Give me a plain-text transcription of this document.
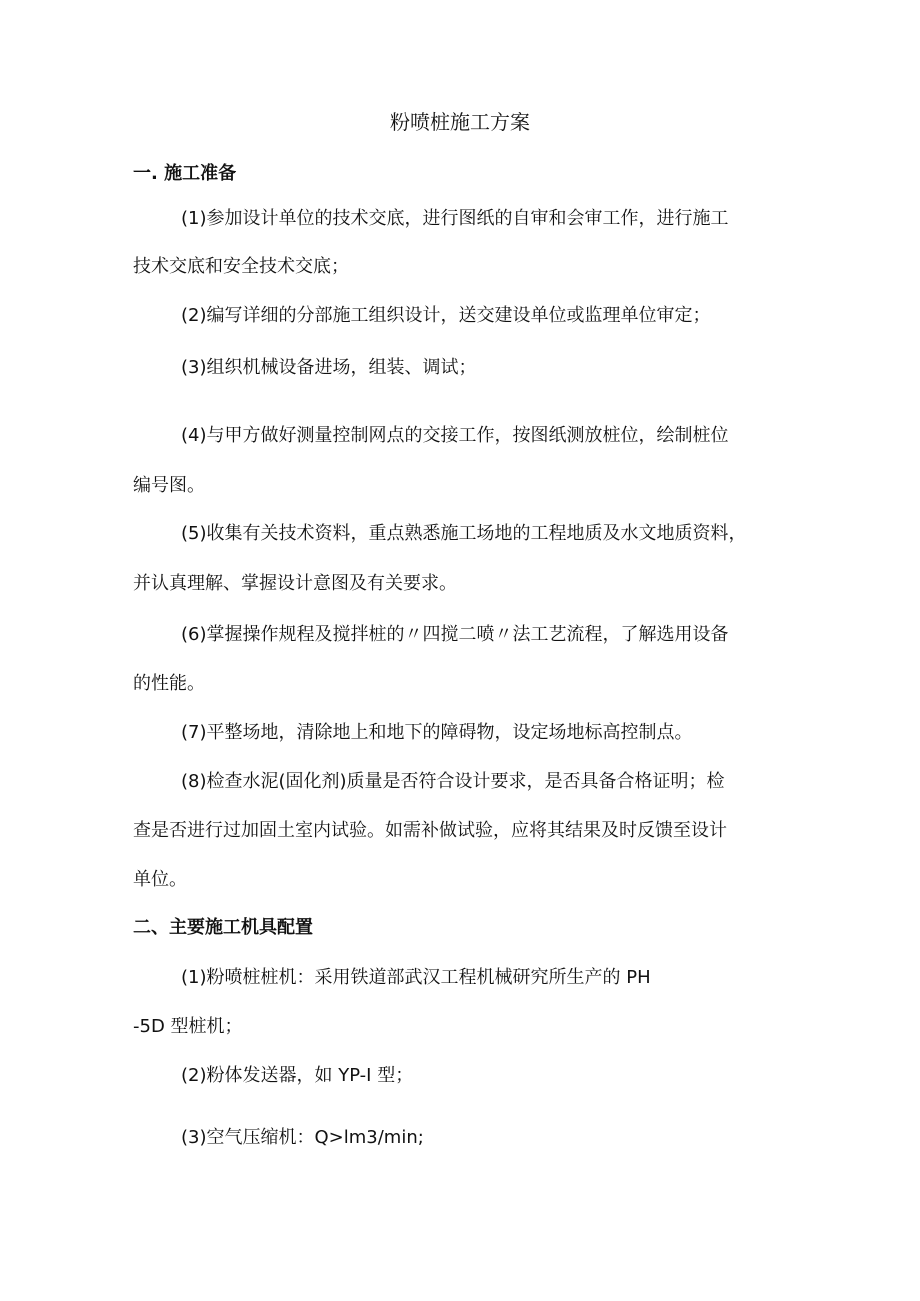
粉喷桩施工方案
一. 施工准备
(1)参加设计单位的技术交底，进行图纸的自审和会审工作，进行施工
技术交底和安全技术交底；
(2)编写详细的分部施工组织设计，送交建设单位或监理单位审定；
(3)组织机械设备进场，组装、调试；
(4)与甲方做好测量控制网点的交接工作，按图纸测放桩位，绘制桩位
编号图。
(5)收集有关技术资料，重点熟悉施工场地的工程地质及水文地质资料，
并认真理解、掌握设计意图及有关要求。
(6)掌握操作规程及搅拌桩的〃四搅二喷〃法工艺流程，了解选用设备
的性能。
(7)平整场地，清除地上和地下的障碍物，设定场地标高控制点。
(8)检查水泥(固化剂)质量是否符合设计要求，是否具备合格证明；检
查是否进行过加固土室内试验。如需补做试验，应将其结果及时反馈至设计
单位。
二、主要施工机具配置
(1)粉喷桩桩机：采用铁道部武汉工程机械研究所生产的 PH
-5D 型桩机；
(2)粉体发送器，如 YP-I 型；
(3)空气压缩机：Q>lm3/min;
